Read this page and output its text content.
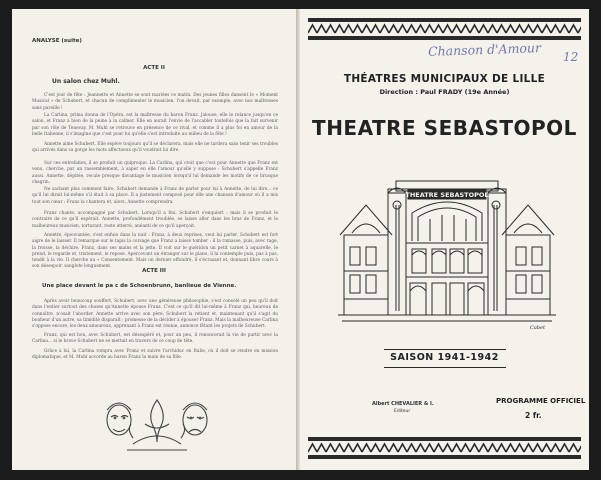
ANALYSE (suite)
ACTE II
Un salon chez Muhl.

C'est jour de fête : Jeannette et Annette se sont mariées ce matin. Des jeunes filles dansent le « Moment Musical » de Schubert, et chacun de complimenter le musicien, l'on devait, par exemple, avec nos maîtresses sans pareille !

La Carlina, prima donna de l'Opéra, est la maîtresse du baron Franz. Jalouse, elle le relance jusqu'en ce salon, et Franz a bien de la peine à la calmer. Elle en aurait l'envie de l'accabler toutefois que la fait survenir par son rôle de Tenevay. M. Muhl se retrouve en présence de ce rival, et comme il a plus foi en amour de la belle Italienne, il s'imagine que c'est pour lui qu'elle s'est introduite au milieu de la fête !

Annette aime Schubert. Elle espère toujours qu'il se déclarera, mais elle ne tardera sans tenir ses troubles qui arrivés dans sa gorge les mots affectueux qu'il voudrait lui dire.

Sur ces entrefaites, il se produit un quiproquo. La Carlina, qui croit que c'est pour Annette que Franz est venu, cherche, par un rassemblement, à saper en elle l'amour qu'elle y suppose : Schubert s'appelle Franz aussi. Annette, dépitée, recule presque davantage le musicien lorsqu'il lui demande les motifs de ce brusque chagrin.

Ne sachant plus comment faire, Schubert demande à Franz de parler pour lui à Annette, de lui dire... ce qu'il lui dirait lui-même s'il était à sa place. Il a justement composé pour elle une chanson d'amour où il a mis tout son cœur : Franz la chantera et, alors, Annette comprendra.

Franz chante, accompagné par Schubert. Lorsqu'il a fini, Schubert s'enquiert : mais il se produit le contraire de ce qu'il espérait. Annette, profondément troublée, se laisse aller dans les bras de Franz, et le malheureux musicien, torturant, reste atterré, anéanti de ce qu'il aperçoit.

Annette, épouvantée, s'est enfuie dans la nuit : Franz, à deux reprises, veut lui parler. Schubert est fort aigre de le laisser. Il remarque sur le tapis la corsage que Franz a laissé tomber : il la ramasse, puis, avec rage, la froisse, la déchire. Franz, dans ses mains et la jette. Il voit sur le guéridon un petit carnet à aquarelle, le prend, le regarde et, tristement, le repose. Apercevant un étranger sur le piano, il la contemple puis, pas à pas, tendit à la vie. Il cherche au « Consentement. Mais un dernier effondré, il s'écrasant et, donnant libre cours à son désespoir, sanglote longuement.

ACTE III
Une place devant le pa c de Schoenbrunn, banlieue de Vienne.

Après avoir beaucoup souffert, Schubert, avec une généreuse philosophie, s'est consolé un peu qu'il doit dans l'entier surtout des choses qu'Annette épouse Franz. C'est ce qu'il dit lui-même à Franz qui, heureux de connaître, n'osait l'aborder. Annette arrive avec son père. Schubert la retient et, maintenant qu'il s'agit du bonheur d'un autre, sa timidité disparaît ; promesse de la décider à épouser Franz. Mais la malheureuse Carlina s'oppose encore, les deux amoureux, apprenant à Franz est réunie, annonce fêtant les projets de Schubert.

Franz, qui est bon, avec Schubert, est désespéré et, pour un peu, il renoncerait la vie de partir avec la Carlina... si le brave Schubert ne se mettait en travers de ce coup de tête.

Grâce à lui, la Carlina rompra avec Franz et suivre l'archiduc en Italie, où il doit se rendre en mission diplomatique, et M. Muhl accorde au baron Franz la main de sa fille.

Chanson d'Amour 12
THÉATRES MUNICIPAUX DE LILLE
Direction : Paul FRADY (19e Année)
THEATRE SEBASTOPOL
THEATRE SEBASTOPOL
Cabet
SAISON 1941-1942
Albert CHEVALIER & I.
Editeur
PROGRAMME OFFICIEL
2 fr.
